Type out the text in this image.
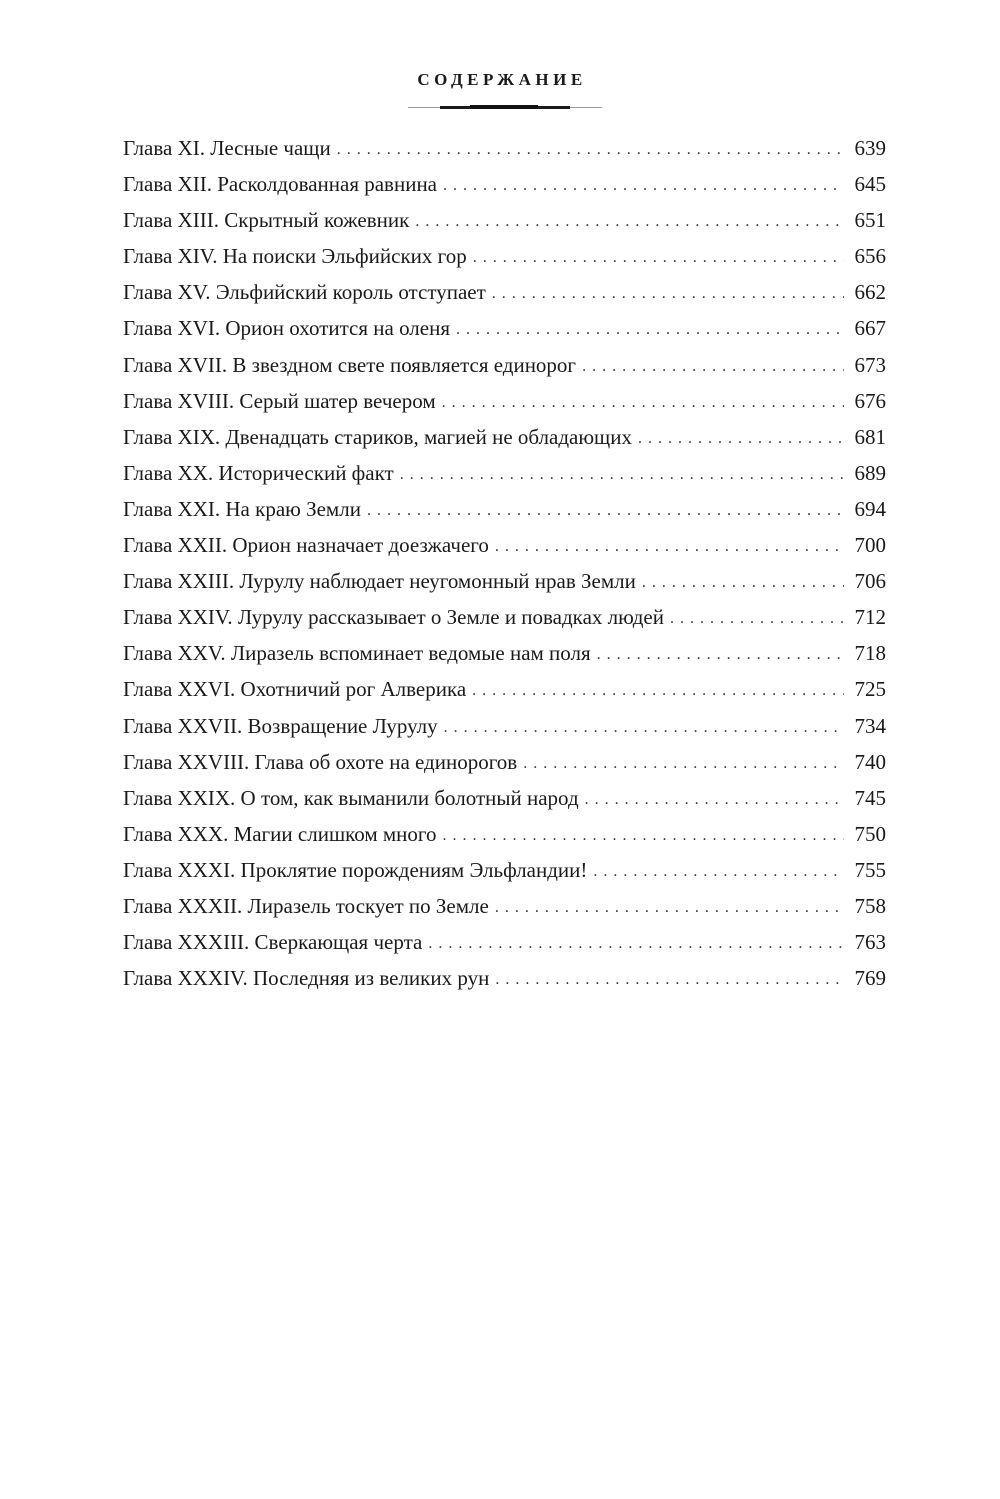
СОДЕРЖАНИЕ
Глава XI. Лесные чащи . . .	639
Глава XII. Расколдованная равнина . . .	645
Глава XIII. Скрытный кожевник . . .	651
Глава XIV. На поиски Эльфийских гор . . .	656
Глава XV. Эльфийский король отступает . . .	662
Глава XVI. Орион охотится на оленя . . .	667
Глава XVII. В звездном свете появляется единорог . . .	673
Глава XVIII. Серый шатер вечером . . .	676
Глава XIX. Двенадцать стариков, магией не обладающих . . .	681
Глава XX. Исторический факт . . .	689
Глава XXI. На краю Земли . . .	694
Глава XXII. Орион назначает доезжачего . . .	700
Глава XXIII. Лурулу наблюдает неугомонный нрав Земли . . .	706
Глава XXIV. Лурулу рассказывает о Земле и повадках людей . . .	712
Глава XXV. Лиразель вспоминает ведомые нам поля . . .	718
Глава XXVI. Охотничий рог Алверика . . .	725
Глава XXVII. Возвращение Лурулу . . .	734
Глава XXVIII. Глава об охоте на единорогов . . .	740
Глава XXIX. О том, как выманили болотный народ . . .	745
Глава XXX. Магии слишком много . . .	750
Глава XXXI. Проклятие порождениям Эльфландии! . . .	755
Глава XXXII. Лиразель тоскует по Земле . . .	758
Глава XXXIII. Сверкающая черта . . .	763
Глава XXXIV. Последняя из великих рун . . .	769
